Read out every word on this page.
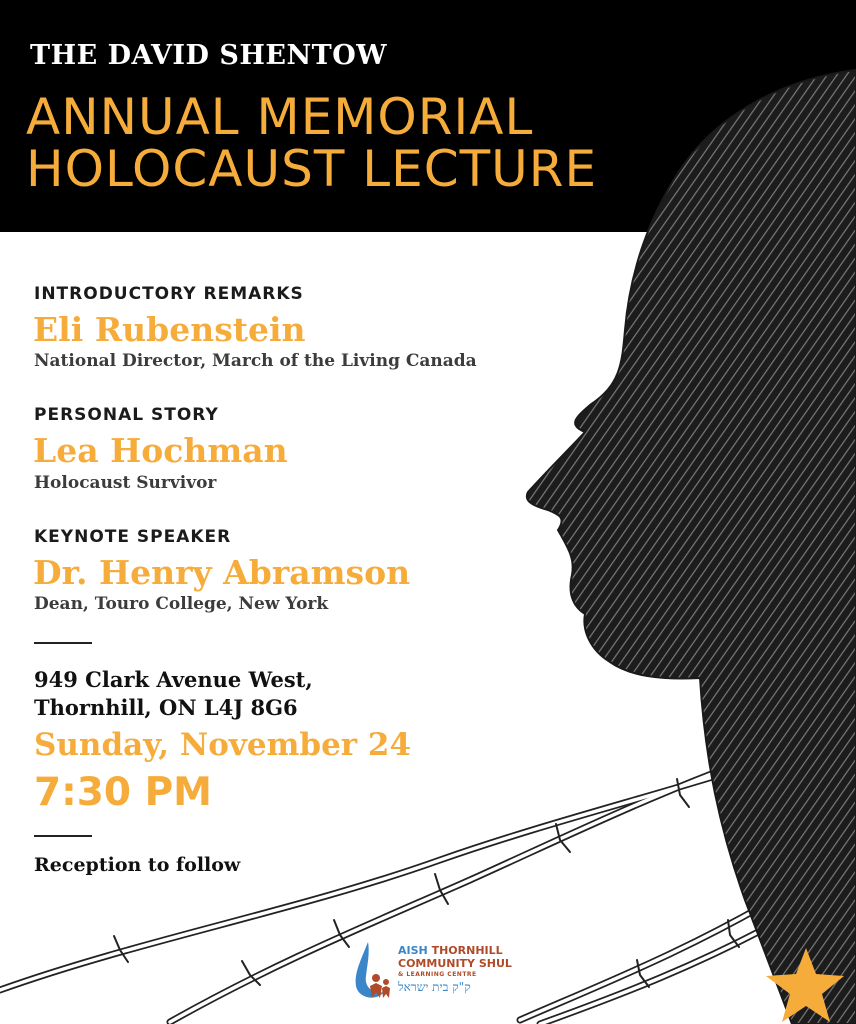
THE DAVID SHENTOW
ANNUAL MEMORIAL
HOLOCAUST LECTURE
INTRODUCTORY REMARKS
Eli Rubenstein
National Director, March of the Living Canada
PERSONAL STORY
Lea Hochman
Holocaust Survivor
KEYNOTE SPEAKER
Dr. Henry Abramson
Dean, Touro College, New York
949 Clark Avenue West,
Thornhill, ON L4J 8G6
Sunday, November 24
7:30 PM
Reception to follow
AISH THORNHILL
COMMUNITY SHUL
& LEARNING CENTRE
ק"ק בית ישראל
